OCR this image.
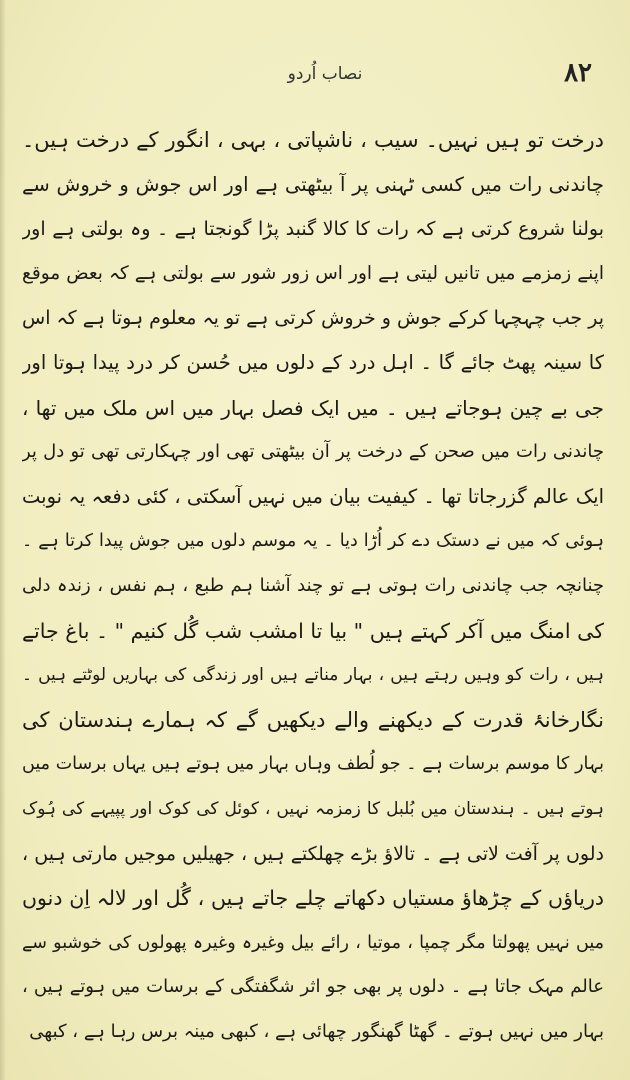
نصاب اُردو	۸۲
درخت تو ہیں نہیں۔ سیب ، ناشپاتی ، بہی ، انگور کے درخت ہیں۔
چاندنی رات میں کسی ٹہنی پر آ بیٹھتی ہے اور اس جوش و خروش سے
بولنا شروع کرتی ہے کہ رات کا کالا گنبد پڑا گونجتا ہے ۔ وہ بولتی ہے اور
اپنے زمزمے میں تانیں لیتی ہے اور اس زور شور سے بولتی ہے کہ بعض موقع
پر جب چہچہا کرکے جوش و خروش کرتی ہے تو یہ معلوم ہوتا ہے کہ اس
کا سینہ پھٹ جائے گا ۔ اہل درد کے دلوں میں حُسن کر درد پیدا ہوتا اور
جی بے چین ہوجاتے ہیں ۔ میں ایک فصل بہار میں اس ملک میں تھا ،
چاندنی رات میں صحن کے درخت پر آن بیٹھتی تھی اور چہکارتی تھی تو دل پر
ایک عالم گزرجاتا تھا ۔ کیفیت بیان میں نہیں آسکتی ، کئی دفعہ یہ نوبت
ہوئی کہ میں نے دستک دے کر اُڑا دیا ۔ یہ موسم دلوں میں جوش پیدا کرتا ہے ۔
چنانچہ جب چاندنی رات ہوتی ہے تو چند آشنا ہم طبع ، ہم نفس ، زندہ دلی
کی امنگ میں آکر کہتے ہیں " بیا تا امشب شب گُل کنیم " ۔ باغ جاتے
ہیں ، رات کو وہیں رہتے ہیں ، بہار مناتے ہیں اور زندگی کی بہاریں لوٹتے ہیں ۔
نگارخانۂ قدرت کے دیکھنے والے دیکھیں گے کہ ہمارے ہندستان کی
بہار کا موسم برسات ہے ۔ جو لُطف وہاں بہار میں ہوتے ہیں یہاں برسات میں
ہوتے ہیں ۔ ہندستان میں بُلبل کا زمزمہ نہیں ، کوئل کی کوک اور پپیہے کی ہُوک
دلوں پر آفت لاتی ہے ۔ تالاؤ بڑے چھلکتے ہیں ، جھیلیں موجیں مارتی ہیں ،
دریاؤں کے چڑھاؤ مستیاں دکھاتے چلے جاتے ہیں ، گُل اور لالہ اِن دنوں
میں نہیں پھولتا مگر چمپا ، موتیا ، رائے بیل وغیرہ وغیرہ پھولوں کی خوشبو سے
عالم مہک جاتا ہے ۔ دلوں پر بھی جو اثر شگفتگی کے برسات میں ہوتے ہیں ،
بہار میں نہیں ہوتے ۔ گھٹا گھنگور چھائی ہے ، کبھی مینہ برس رہا ہے ، کبھی
